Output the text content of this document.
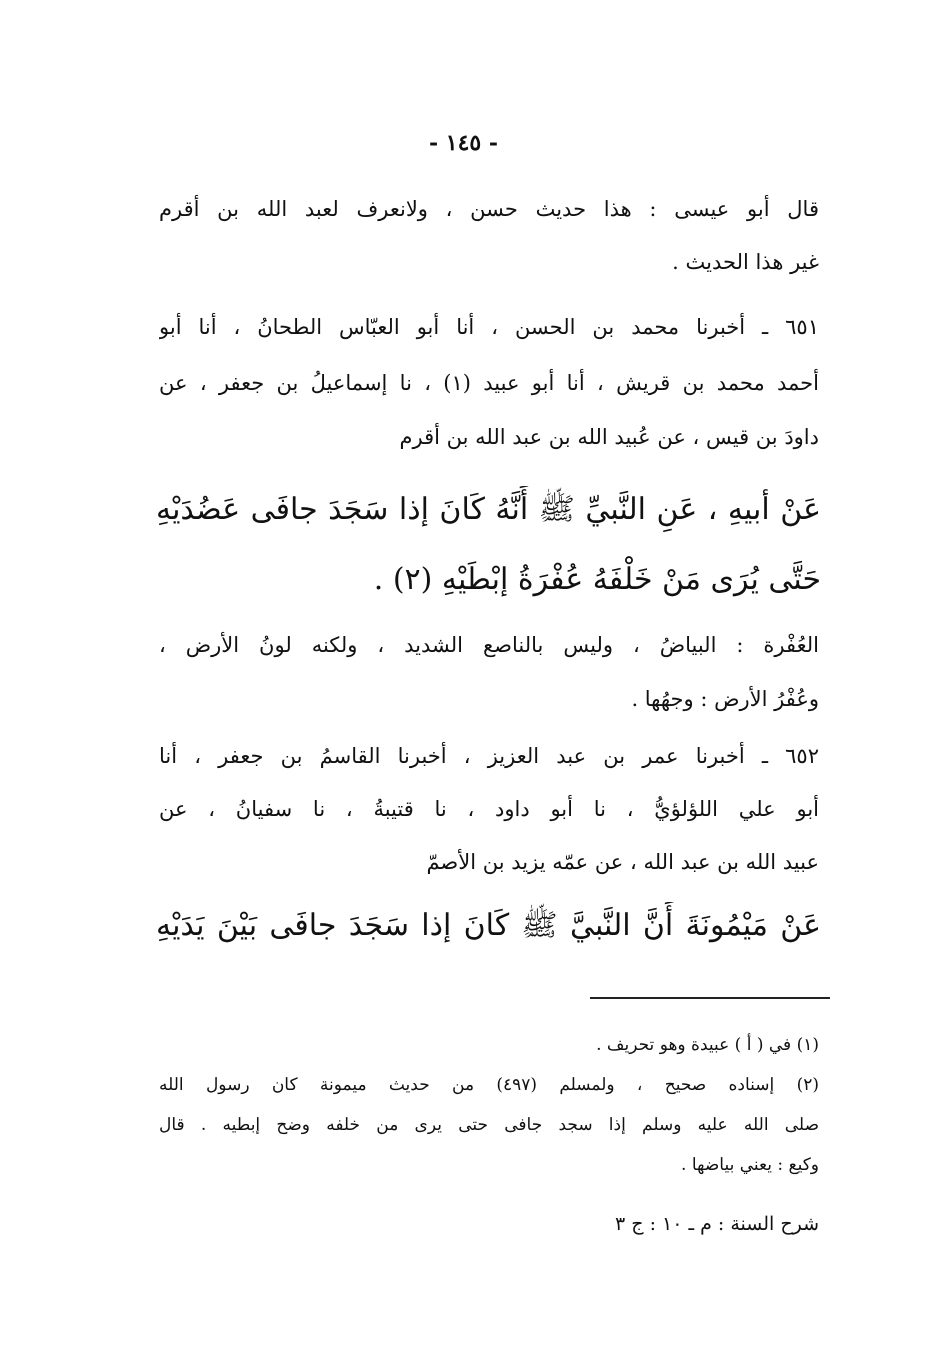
- ١٤٥ -
قال أبو عيسى : هذا حديث حسن ، ولانعرف لعبد الله بن أقرم
غير هذا الحديث .
٦٥١ ـ أخبرنا محمد بن الحسن ، أنا أبو العبّاس الطحانُ ، أنا أبو
أحمد محمد بن قريش ، أنا أبو عبيد (١) ، نا إسماعيلُ بن جعفر ، عن
داودَ بن قيس ، عن عُبيد الله بن عبد الله بن أقرم
عَنْ أبيهِ ، عَنِ النَّبيِّ ﷺ أَنَّهُ كَانَ إذا سَجَدَ جافَى عَضُدَيْهِ
حَتَّى يُرَى مَنْ خَلْفَهُ عُفْرَةُ إبْطَيْهِ (٢) .
العُفْرة : البياضُ ، وليس بالناصع الشديد ، ولكنه لونُ الأرض ،
وعُفْرُ الأرض : وجهُها .
٦٥٢ ـ أخبرنا عمر بن عبد العزيز ، أخبرنا القاسمُ بن جعفر ، أنا
أبو علي اللؤلؤيُّ ، نا أبو داود ، نا قتيبةُ ، نا سفيانُ ، عن
عبيد الله بن عبد الله ، عن عمّه يزيد بن الأصمّ
عَنْ مَيْمُونَةَ أَنَّ النَّبيَّ ﷺ كَانَ إذا سَجَدَ جافَى بَيْنَ يَدَيْهِ
(١) في ( أ ) عبيدة وهو تحريف .
(٢) إسناده صحيح ، ولمسلم (٤٩٧) من حديث ميمونة كان رسول الله
صلى الله عليه وسلم إذا سجد جافى حتى يرى من خلفه وضح إبطيه . قال
وكيع : يعني بياضها .
شرح السنة : م ـ ١٠ : ج ٣
